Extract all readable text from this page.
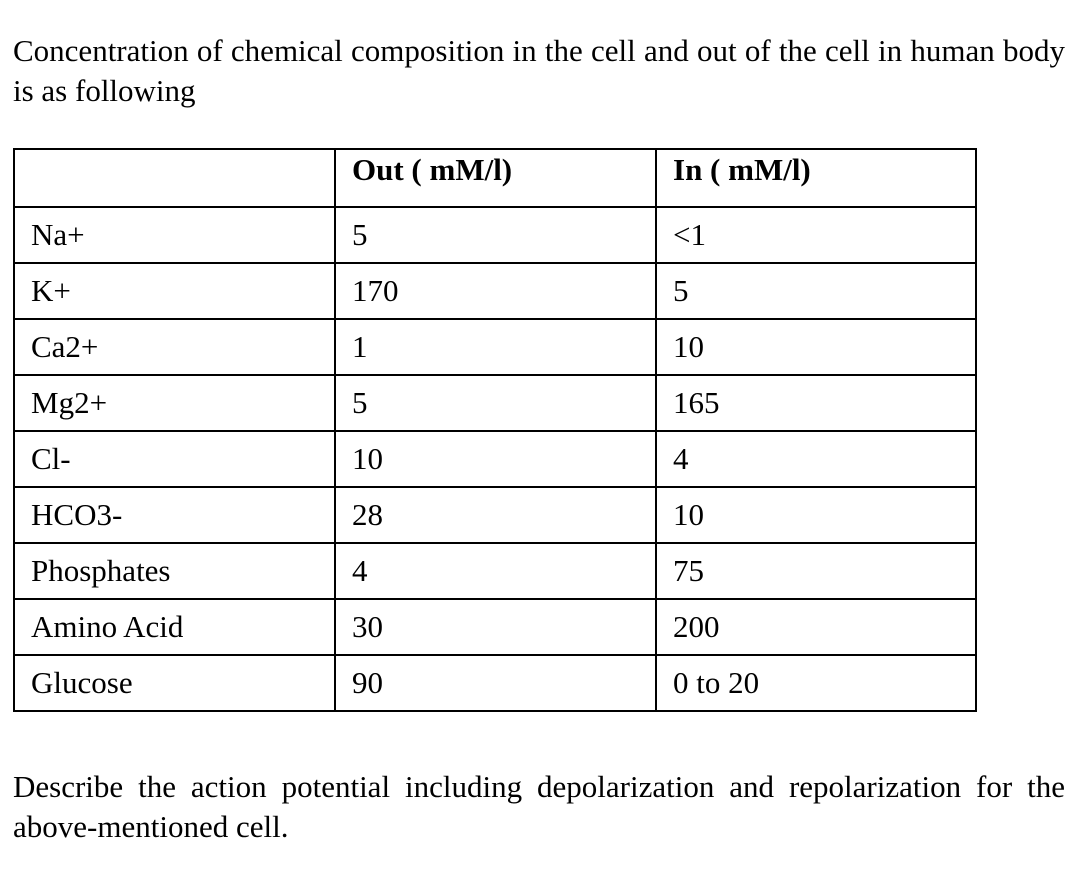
Concentration of chemical composition in the cell and out of the cell in human body is as following

	Out ( mM/l)	In ( mM/l)
Na+	5	<1
K+	170	5
Ca2+	1	10
Mg2+	5	165
Cl-	10	4
HCO3-	28	10
Phosphates	4	75
Amino Acid	30	200
Glucose	90	0 to 20

Describe the action potential including depolarization and repolarization for the above-mentioned cell.
